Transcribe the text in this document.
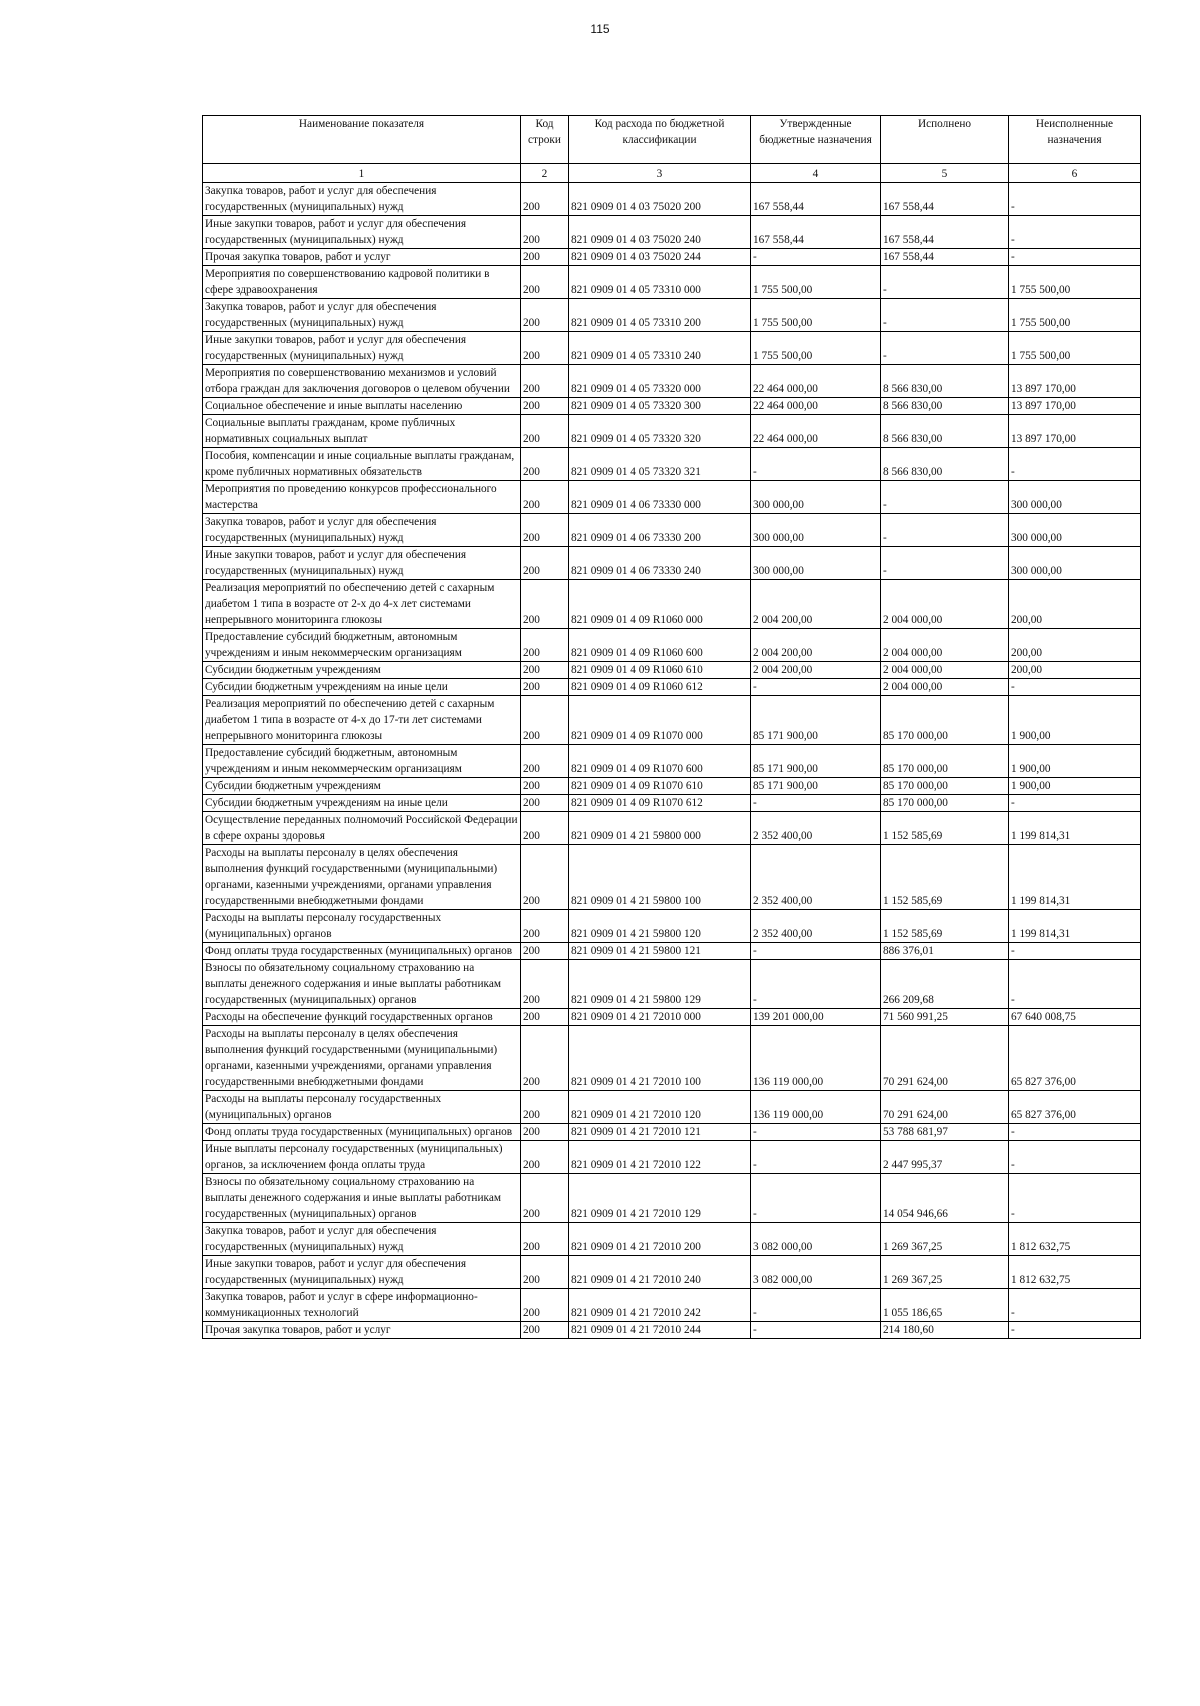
115
Наименование показателя	Код строки	Код расхода по бюджетной классификации	Утвержденные бюджетные назначения	Исполнено	Неисполненные назначения
1	2	3	4	5	6
Закупка товаров, работ и услуг для обеспечения государственных (муниципальных) нужд	200	821 0909 01 4 03 75020 200	167 558,44	167 558,44	-
Иные закупки товаров, работ и услуг для обеспечения государственных (муниципальных) нужд	200	821 0909 01 4 03 75020 240	167 558,44	167 558,44	-
Прочая закупка товаров, работ и услуг	200	821 0909 01 4 03 75020 244	-	167 558,44	-
Мероприятия по совершенствованию кадровой политики в сфере здравоохранения	200	821 0909 01 4 05 73310 000	1 755 500,00	-	1 755 500,00
Закупка товаров, работ и услуг для обеспечения государственных (муниципальных) нужд	200	821 0909 01 4 05 73310 200	1 755 500,00	-	1 755 500,00
Иные закупки товаров, работ и услуг для обеспечения государственных (муниципальных) нужд	200	821 0909 01 4 05 73310 240	1 755 500,00	-	1 755 500,00
Мероприятия по совершенствованию механизмов и условий отбора граждан для заключения договоров о целевом обучении	200	821 0909 01 4 05 73320 000	22 464 000,00	8 566 830,00	13 897 170,00
Социальное обеспечение и иные выплаты населению	200	821 0909 01 4 05 73320 300	22 464 000,00	8 566 830,00	13 897 170,00
Социальные выплаты гражданам, кроме публичных нормативных социальных выплат	200	821 0909 01 4 05 73320 320	22 464 000,00	8 566 830,00	13 897 170,00
Пособия, компенсации и иные социальные выплаты гражданам, кроме публичных нормативных обязательств	200	821 0909 01 4 05 73320 321	-	8 566 830,00	-
Мероприятия по проведению конкурсов профессионального мастерства	200	821 0909 01 4 06 73330 000	300 000,00	-	300 000,00
Закупка товаров, работ и услуг для обеспечения государственных (муниципальных) нужд	200	821 0909 01 4 06 73330 200	300 000,00	-	300 000,00
Иные закупки товаров, работ и услуг для обеспечения государственных (муниципальных) нужд	200	821 0909 01 4 06 73330 240	300 000,00	-	300 000,00
Реализация мероприятий по обеспечению детей с сахарным диабетом 1 типа в возрасте от 2-х до 4-х лет системами непрерывного мониторинга глюкозы	200	821 0909 01 4 09 R1060 000	2 004 200,00	2 004 000,00	200,00
Предоставление субсидий бюджетным, автономным учреждениям и иным некоммерческим организациям	200	821 0909 01 4 09 R1060 600	2 004 200,00	2 004 000,00	200,00
Субсидии бюджетным учреждениям	200	821 0909 01 4 09 R1060 610	2 004 200,00	2 004 000,00	200,00
Субсидии бюджетным учреждениям на иные цели	200	821 0909 01 4 09 R1060 612	-	2 004 000,00	-
Реализация мероприятий по обеспечению детей с сахарным диабетом 1 типа в возрасте от 4-х до 17-ти лет системами непрерывного мониторинга глюкозы	200	821 0909 01 4 09 R1070 000	85 171 900,00	85 170 000,00	1 900,00
Предоставление субсидий бюджетным, автономным учреждениям и иным некоммерческим организациям	200	821 0909 01 4 09 R1070 600	85 171 900,00	85 170 000,00	1 900,00
Субсидии бюджетным учреждениям	200	821 0909 01 4 09 R1070 610	85 171 900,00	85 170 000,00	1 900,00
Субсидии бюджетным учреждениям на иные цели	200	821 0909 01 4 09 R1070 612	-	85 170 000,00	-
Осуществление переданных полномочий Российской Федерации в сфере охраны здоровья	200	821 0909 01 4 21 59800 000	2 352 400,00	1 152 585,69	1 199 814,31
Расходы на выплаты персоналу в целях обеспечения выполнения функций государственными (муниципальными) органами, казенными учреждениями, органами управления государственными внебюджетными фондами	200	821 0909 01 4 21 59800 100	2 352 400,00	1 152 585,69	1 199 814,31
Расходы на выплаты персоналу государственных (муниципальных) органов	200	821 0909 01 4 21 59800 120	2 352 400,00	1 152 585,69	1 199 814,31
Фонд оплаты труда государственных (муниципальных) органов	200	821 0909 01 4 21 59800 121	-	886 376,01	-
Взносы по обязательному социальному страхованию на выплаты денежного содержания и иные выплаты работникам государственных (муниципальных) органов	200	821 0909 01 4 21 59800 129	-	266 209,68	-
Расходы на обеспечение функций государственных органов	200	821 0909 01 4 21 72010 000	139 201 000,00	71 560 991,25	67 640 008,75
Расходы на выплаты персоналу в целях обеспечения выполнения функций государственными (муниципальными) органами, казенными учреждениями, органами управления государственными внебюджетными фондами	200	821 0909 01 4 21 72010 100	136 119 000,00	70 291 624,00	65 827 376,00
Расходы на выплаты персоналу государственных (муниципальных) органов	200	821 0909 01 4 21 72010 120	136 119 000,00	70 291 624,00	65 827 376,00
Фонд оплаты труда государственных (муниципальных) органов	200	821 0909 01 4 21 72010 121	-	53 788 681,97	-
Иные выплаты персоналу государственных (муниципальных) органов, за исключением фонда оплаты труда	200	821 0909 01 4 21 72010 122	-	2 447 995,37	-
Взносы по обязательному социальному страхованию на выплаты денежного содержания и иные выплаты работникам государственных (муниципальных) органов	200	821 0909 01 4 21 72010 129	-	14 054 946,66	-
Закупка товаров, работ и услуг для обеспечения государственных (муниципальных) нужд	200	821 0909 01 4 21 72010 200	3 082 000,00	1 269 367,25	1 812 632,75
Иные закупки товаров, работ и услуг для обеспечения государственных (муниципальных) нужд	200	821 0909 01 4 21 72010 240	3 082 000,00	1 269 367,25	1 812 632,75
Закупка товаров, работ и услуг в сфере информационно-коммуникационных технологий	200	821 0909 01 4 21 72010 242	-	1 055 186,65	-
Прочая закупка товаров, работ и услуг	200	821 0909 01 4 21 72010 244	-	214 180,60	-
